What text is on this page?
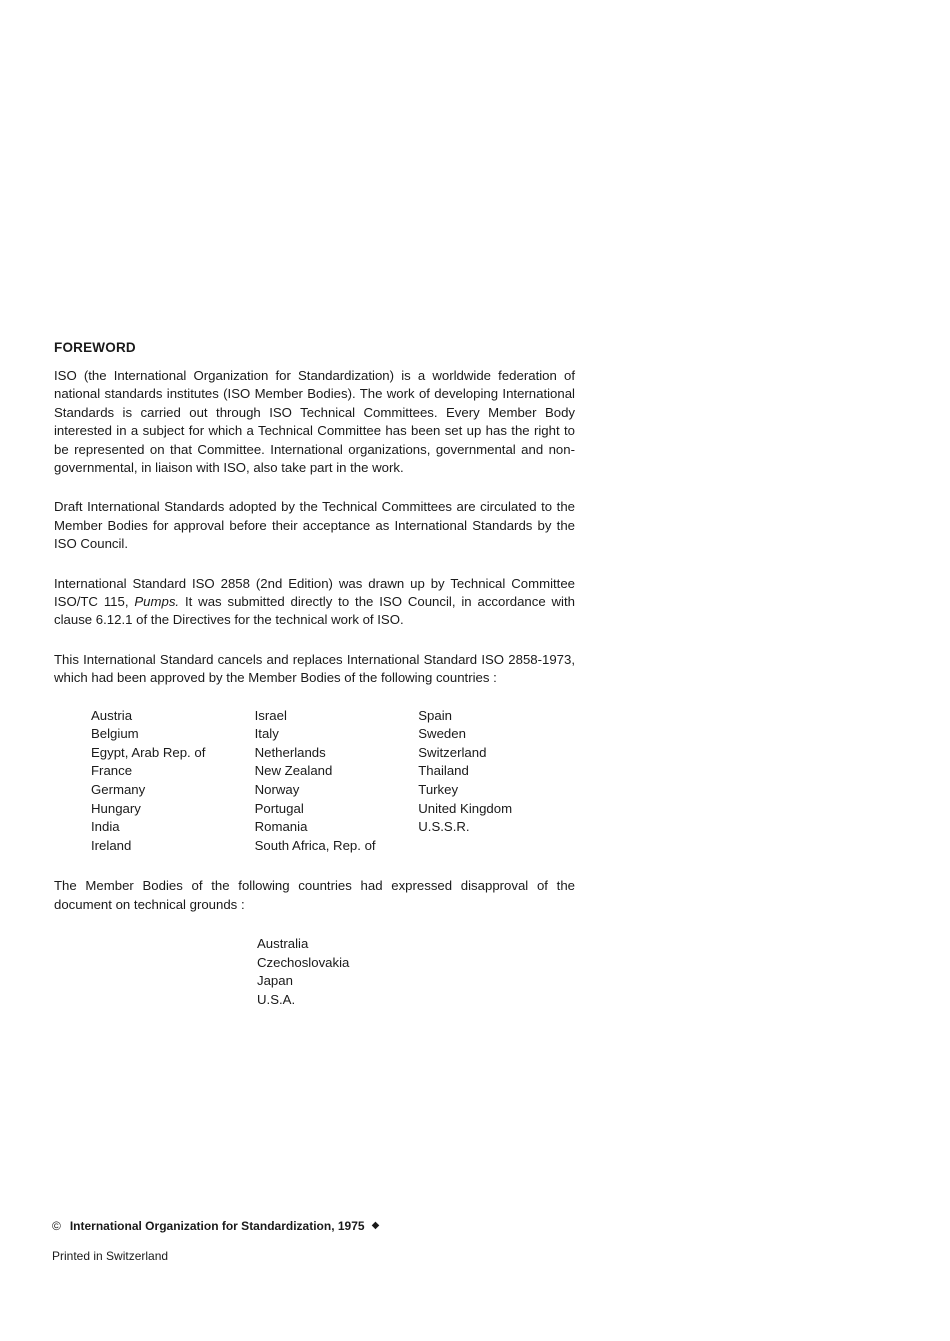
FOREWORD

ISO (the International Organization for Standardization) is a worldwide federation of national standards institutes (ISO Member Bodies). The work of developing International Standards is carried out through ISO Technical Committees. Every Member Body interested in a subject for which a Technical Committee has been set up has the right to be represented on that Committee. International organizations, governmental and non-governmental, in liaison with ISO, also take part in the work.

Draft International Standards adopted by the Technical Committees are circulated to the Member Bodies for approval before their acceptance as International Standards by the ISO Council.

International Standard ISO 2858 (2nd Edition) was drawn up by Technical Committee ISO/TC 115, Pumps. It was submitted directly to the ISO Council, in accordance with clause 6.12.1 of the Directives for the technical work of ISO.

This International Standard cancels and replaces International Standard ISO 2858-1973, which had been approved by the Member Bodies of the following countries :

Austria
Belgium
Egypt, Arab Rep. of
France
Germany
Hungary
India
Ireland
Israel
Italy
Netherlands
New Zealand
Norway
Portugal
Romania
South Africa, Rep. of
Spain
Sweden
Switzerland
Thailand
Turkey
United Kingdom
U.S.S.R.

The Member Bodies of the following countries had expressed disapproval of the document on technical grounds :

Australia
Czechoslovakia
Japan
U.S.A.
© International Organization for Standardization, 1975 ◆
Printed in Switzerland
